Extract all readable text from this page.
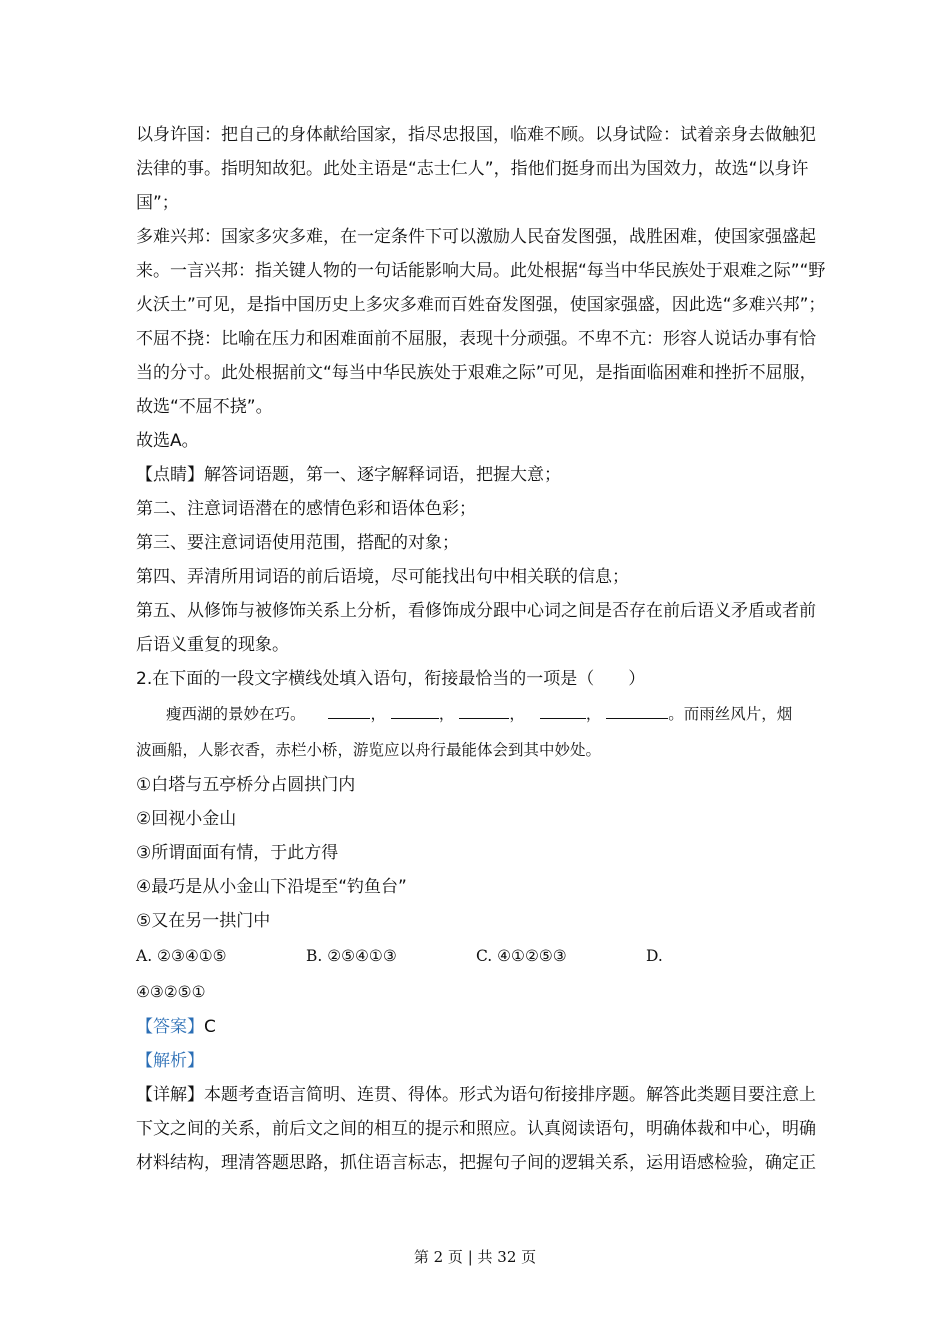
以身许国：把自己的身体献给国家，指尽忠报国，临难不顾。以身试险：试着亲身去做触犯
法律的事。指明知故犯。此处主语是“志士仁人”，指他们挺身而出为国效力，故选“以身许
国”；
多难兴邦：国家多灾多难，在一定条件下可以激励人民奋发图强，战胜困难，使国家强盛起
来。一言兴邦：指关键人物的一句话能影响大局。此处根据“每当中华民族处于艰难之际”“野
火沃土”可见，是指中国历史上多灾多难而百姓奋发图强，使国家强盛，因此选“多难兴邦”；
不屈不挠：比喻在压力和困难面前不屈服，表现十分顽强。不卑不亢：形容人说话办事有恰
当的分寸。此处根据前文“每当中华民族处于艰难之际”可见，是指面临困难和挫折不屈服，
故选“不屈不挠”。
故选A。
【点睛】解答词语题，第一、逐字解释词语，把握大意；
第二、注意词语潜在的感情色彩和语体色彩；
第三、要注意词语使用范围，搭配的对象；
第四、弄清所用词语的前后语境，尽可能找出句中相关联的信息；
第五、从修饰与被修饰关系上分析，看修饰成分跟中心词之间是否存在前后语义矛盾或者前
后语义重复的现象。
2.在下面的一段文字横线处填入语句，衔接最恰当的一项是（　　）
瘦西湖的景妙在巧。	，	，	，	，	。而雨丝风片，烟
波画船，人影衣香，赤栏小桥，游览应以舟行最能体会到其中妙处。
①白塔与五亭桥分占圆拱门内
②回视小金山
③所谓面面有情，于此方得
④最巧是从小金山下沿堤至“钓鱼台”
⑤又在另一拱门中
A. ②③④①⑤	B. ②⑤④①③	C. ④①②⑤③	D.
④③②⑤①
【答案】C
【解析】
【详解】本题考查语言简明、连贯、得体。形式为语句衔接排序题。解答此类题目要注意上
下文之间的关系，前后文之间的相互的提示和照应。认真阅读语句，明确体裁和中心，明确
材料结构，理清答题思路，抓住语言标志，把握句子间的逻辑关系，运用语感检验，确定正
第 2 页 | 共 32 页
